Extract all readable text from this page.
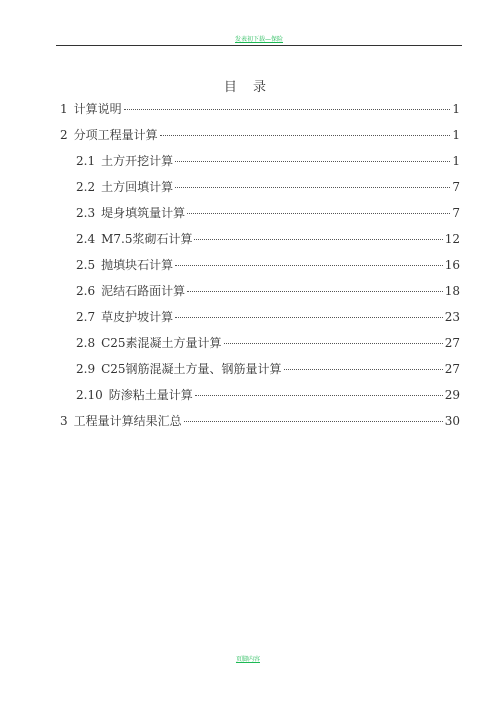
发表初下载—保险
目 录
1 计算说明	1
2 分项工程量计算	1
2.1 土方开挖计算	1
2.2 土方回填计算	7
2.3 堤身填筑量计算	7
2.4 M7.5浆砌石计算	12
2.5 抛填块石计算	16
2.6 泥结石路面计算	18
2.7 草皮护坡计算	23
2.8 C25素混凝土方量计算	27
2.9 C25钢筋混凝土方量、钢筋量计算	27
2.10 防渗粘土量计算	29
3 工程量计算结果汇总	30
页脚内容
